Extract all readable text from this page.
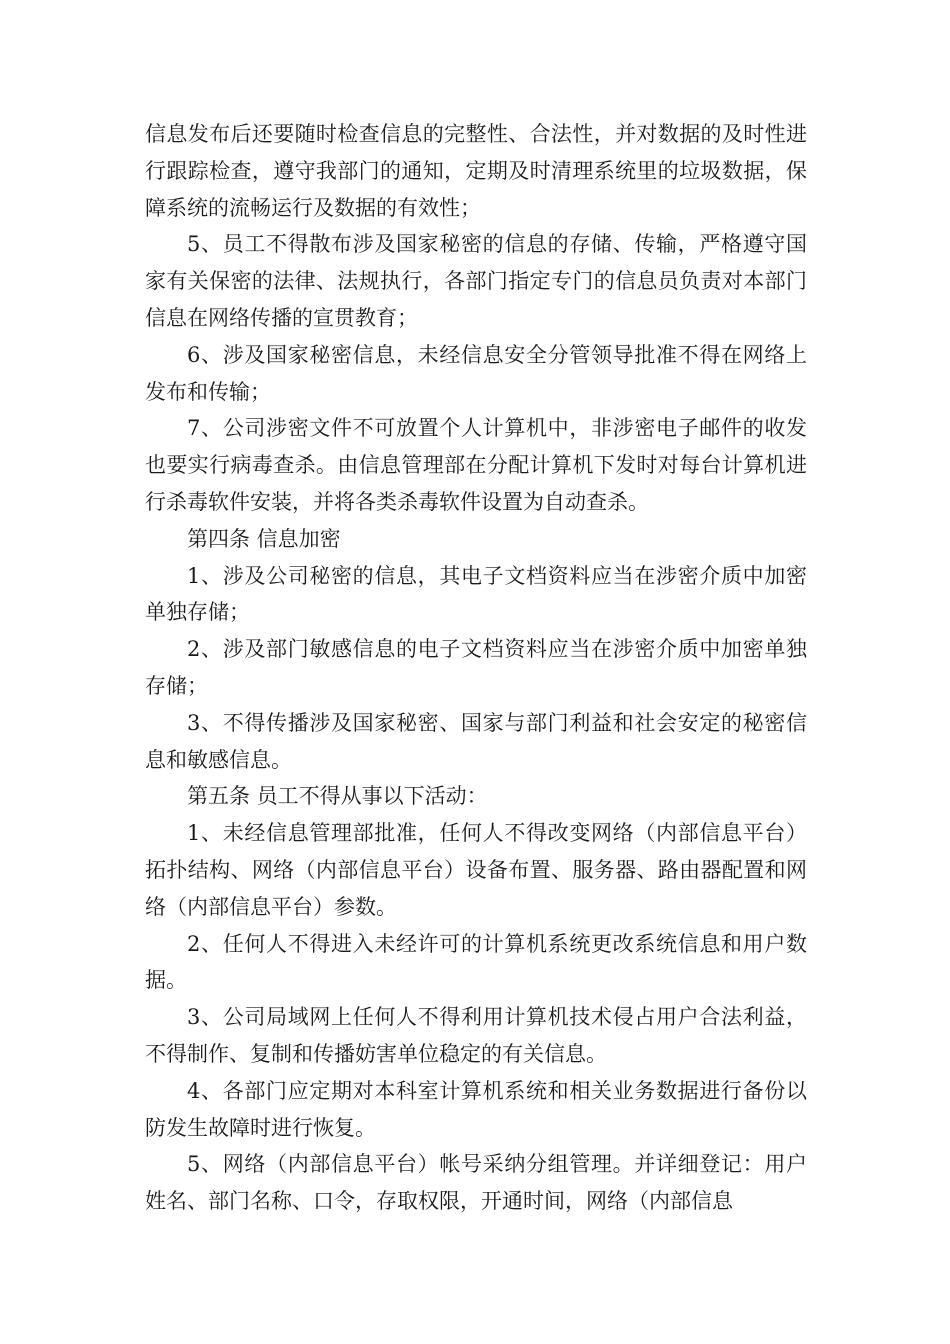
信息发布后还要随时检查信息的完整性、合法性，并对数据的及时性进行跟踪检查，遵守我部门的通知，定期及时清理系统里的垃圾数据，保障系统的流畅运行及数据的有效性；

5、员工不得散布涉及国家秘密的信息的存储、传输，严格遵守国家有关保密的法律、法规执行，各部门指定专门的信息员负责对本部门信息在网络传播的宣贯教育；

6、涉及国家秘密信息，未经信息安全分管领导批准不得在网络上发布和传输；

7、公司涉密文件不可放置个人计算机中，非涉密电子邮件的收发也要实行病毒查杀。由信息管理部在分配计算机下发时对每台计算机进行杀毒软件安装，并将各类杀毒软件设置为自动查杀。

第四条 信息加密

1、涉及公司秘密的信息，其电子文档资料应当在涉密介质中加密单独存储；

2、涉及部门敏感信息的电子文档资料应当在涉密介质中加密单独存储；

3、不得传播涉及国家秘密、国家与部门利益和社会安定的秘密信息和敏感信息。

第五条 员工不得从事以下活动：

1、未经信息管理部批准，任何人不得改变网络（内部信息平台）拓扑结构、网络（内部信息平台）设备布置、服务器、路由器配置和网络（内部信息平台）参数。

2、任何人不得进入未经许可的计算机系统更改系统信息和用户数据。

3、公司局域网上任何人不得利用计算机技术侵占用户合法利益，不得制作、复制和传播妨害单位稳定的有关信息。

4、各部门应定期对本科室计算机系统和相关业务数据进行备份以防发生故障时进行恢复。

5、网络（内部信息平台）帐号采纳分组管理。并详细登记：用户姓名、部门名称、口令，存取权限，开通时间，网络（内部信息
